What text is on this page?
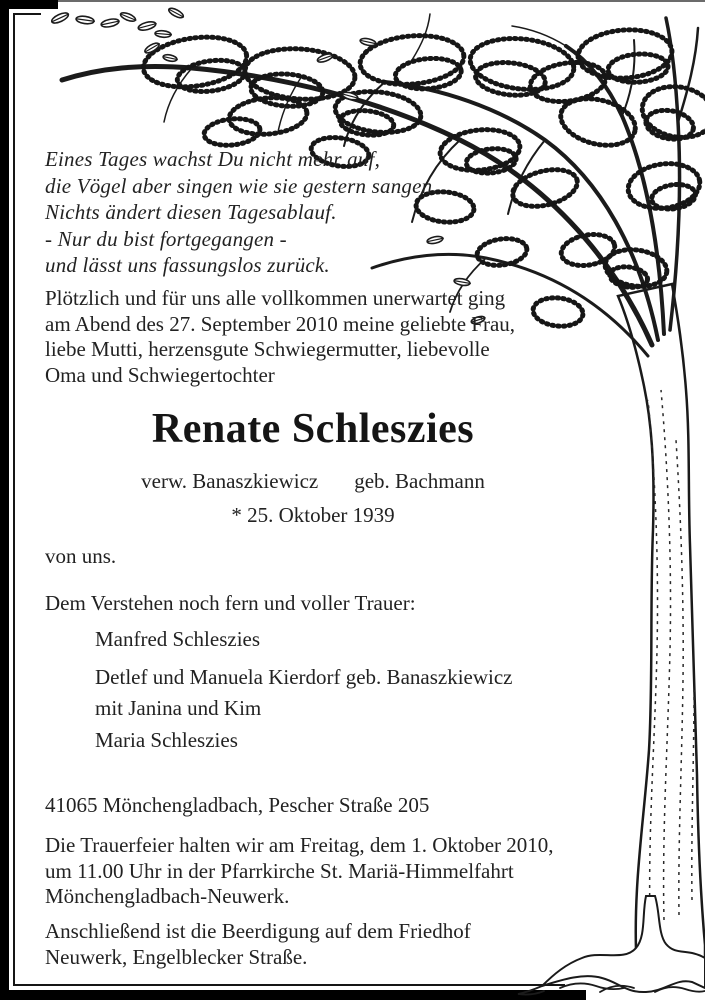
Eines Tages wachst Du nicht mehr auf,
die Vögel aber singen wie sie gestern sangen.
Nichts ändert diesen Tagesablauf.
- Nur du bist fortgegangen -
und lässt uns fassungslos zurück.
Plötzlich und für uns alle vollkommen unerwartet ging
am Abend des 27. September 2010 meine geliebte Frau,
liebe Mutti, herzensgute Schwiegermutter, liebevolle
Oma und Schwiegertochter
Renate Schleszies
verw. Banaszkiewicz geb. Bachmann
* 25. Oktober 1939
von uns.
Dem Verstehen noch fern und voller Trauer:
Manfred Schleszies
Detlef und Manuela Kierdorf geb. Banaszkiewicz
mit Janina und Kim
Maria Schleszies
41065 Mönchengladbach, Pescher Straße 205
Die Trauerfeier halten wir am Freitag, dem 1. Oktober 2010,
um 11.00 Uhr in der Pfarrkirche St. Mariä-Himmelfahrt
Mönchengladbach-Neuwerk.
Anschließend ist die Beerdigung auf dem Friedhof
Neuwerk, Engelblecker Straße.
